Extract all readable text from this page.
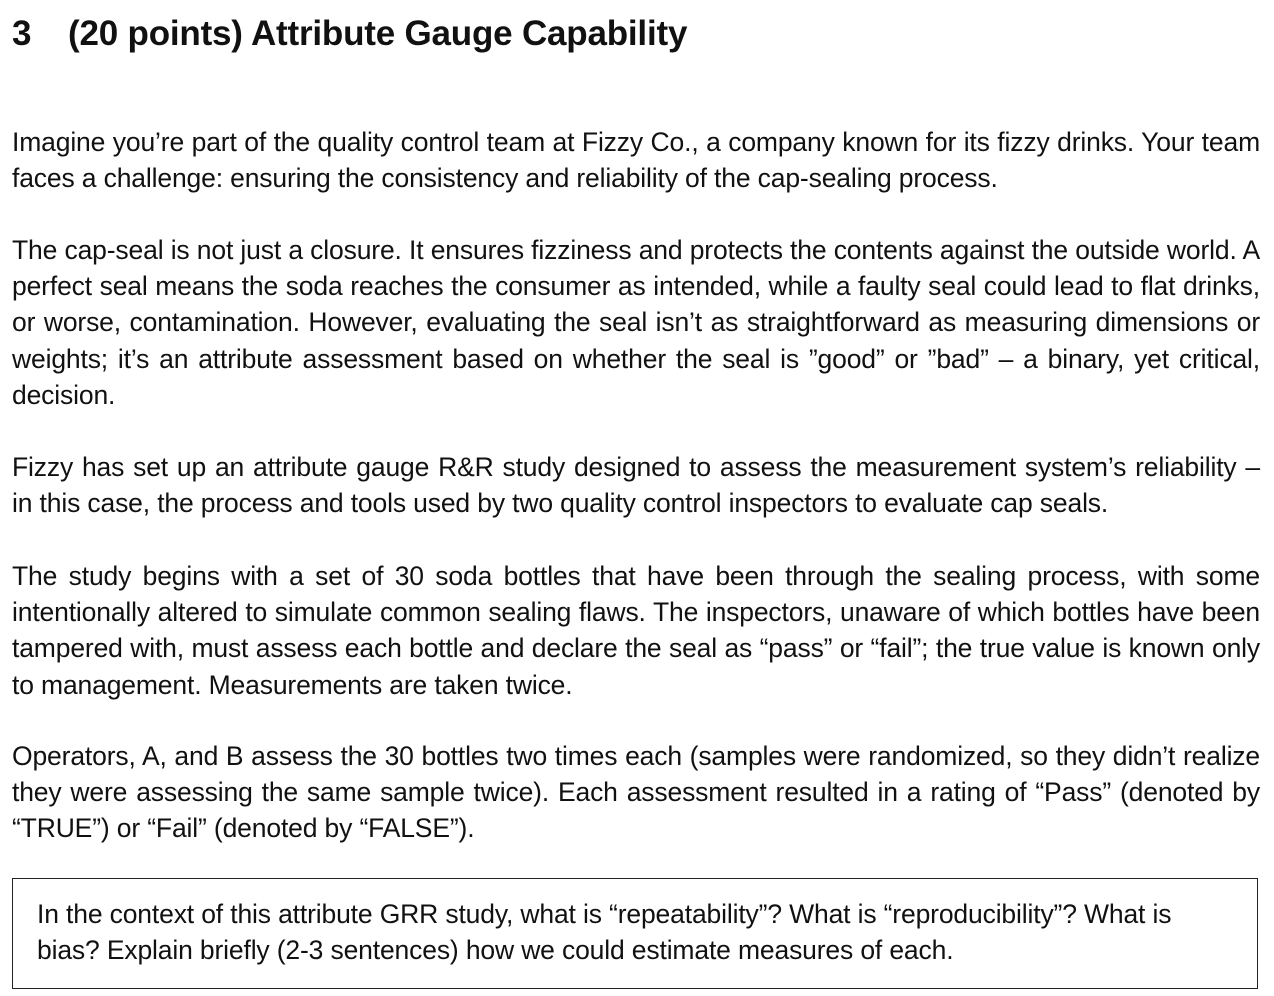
3 (20 points) Attribute Gauge Capability

Imagine you’re part of the quality control team at Fizzy Co., a company known for its fizzy drinks. Your team faces a challenge: ensuring the consistency and reliability of the cap-sealing process.

The cap-seal is not just a closure. It ensures fizziness and protects the contents against the outside world. A perfect seal means the soda reaches the consumer as intended, while a faulty seal could lead to flat drinks, or worse, contamination. However, evaluating the seal isn’t as straightforward as measuring dimensions or weights; it’s an attribute assessment based on whether the seal is ”good” or ”bad” – a binary, yet critical, decision.

Fizzy has set up an attribute gauge R&R study designed to assess the measurement system’s reliability – in this case, the process and tools used by two quality control inspectors to evaluate cap seals.

The study begins with a set of 30 soda bottles that have been through the sealing process, with some intentionally altered to simulate common sealing flaws. The inspectors, unaware of which bottles have been tampered with, must assess each bottle and declare the seal as “pass” or “fail”; the true value is known only to management. Measurements are taken twice.

Operators, A, and B assess the 30 bottles two times each (samples were randomized, so they didn’t realize they were assessing the same sample twice). Each assessment resulted in a rating of “Pass” (denoted by “TRUE”) or “Fail” (denoted by “FALSE”).

In the context of this attribute GRR study, what is “repeatability”? What is “reproducibility”? What is bias? Explain briefly (2-3 sentences) how we could estimate measures of each.
